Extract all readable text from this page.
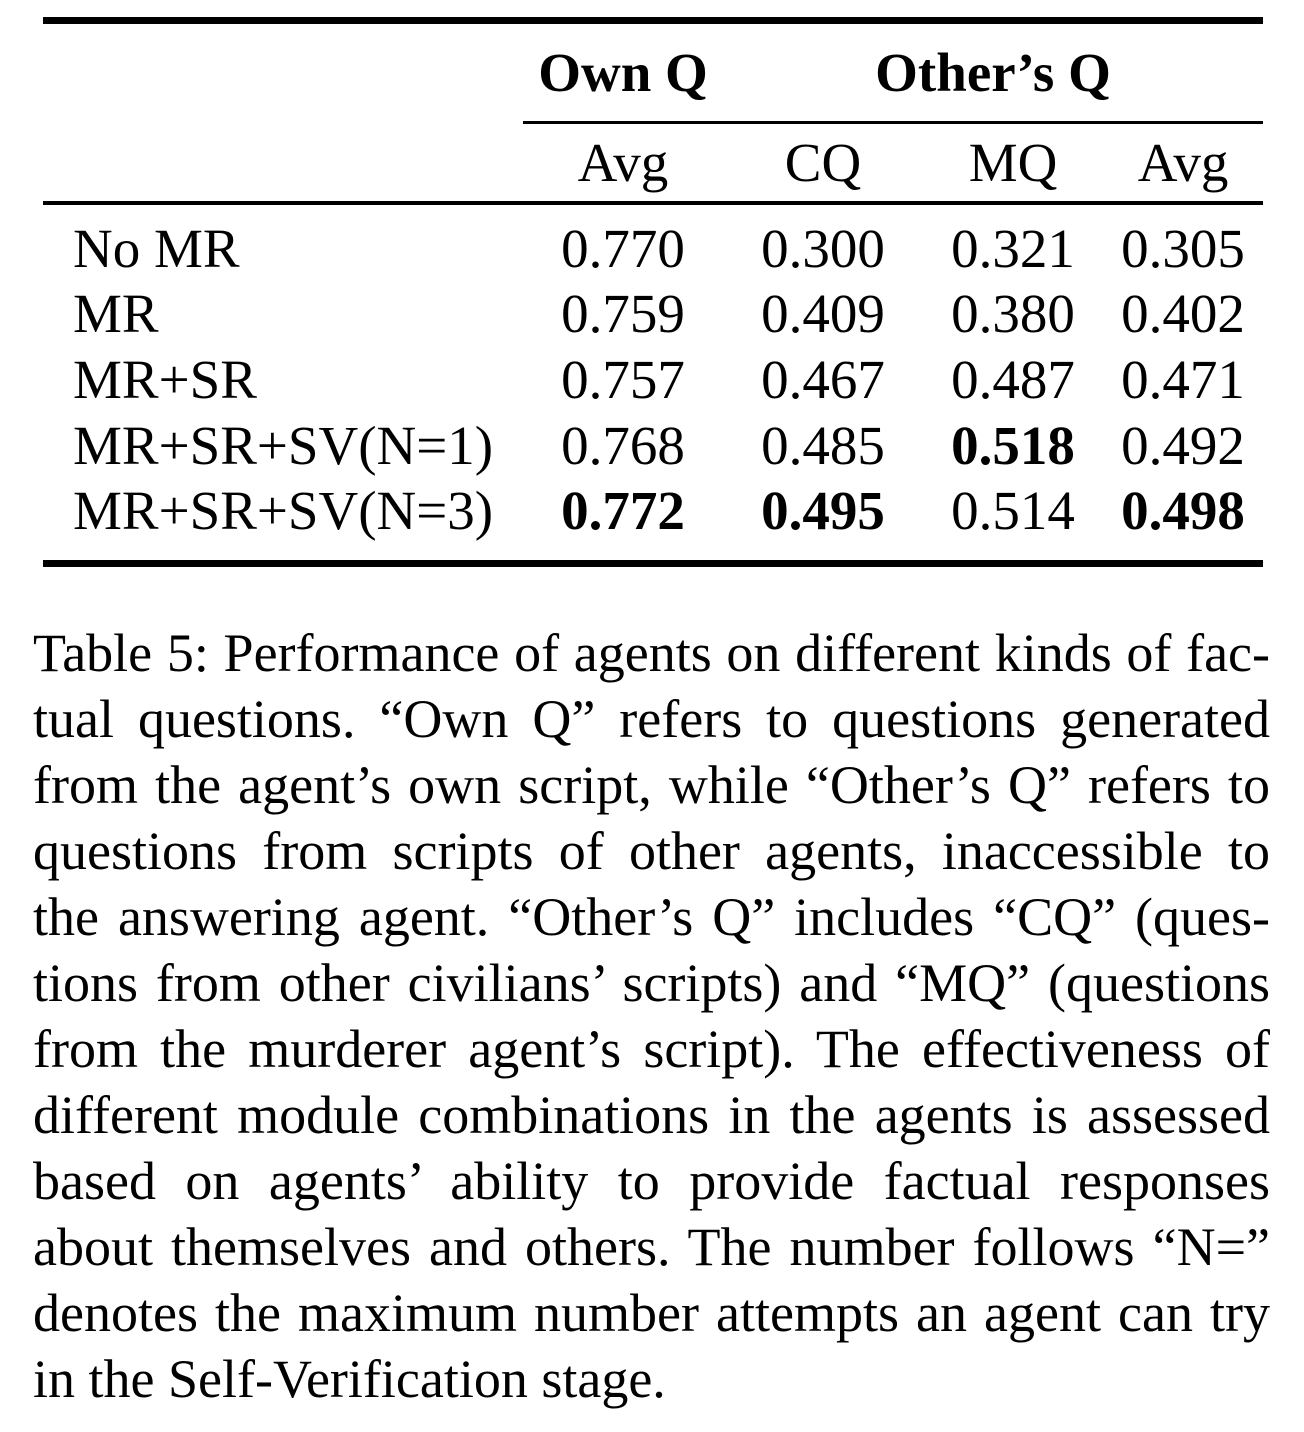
	Own Q	Other’s Q		
	Avg	CQ	MQ	Avg
No MR	0.770	0.300	0.321	0.305
MR	0.759	0.409	0.380	0.402
MR+SR	0.757	0.467	0.487	0.471
MR+SR+SV(N=1)	0.768	0.485	0.518	0.492
MR+SR+SV(N=3)	0.772	0.495	0.514	0.498
Table 5: Performance of agents on different kinds of fac-
tual questions. “Own Q” refers to questions generated
from the agent’s own script, while “Other’s Q” refers to
questions from scripts of other agents, inaccessible to
the answering agent. “Other’s Q” includes “CQ” (ques-
tions from other civilians’ scripts) and “MQ” (questions
from the murderer agent’s script). The effectiveness of
different module combinations in the agents is assessed
based on agents’ ability to provide factual responses
about themselves and others. The number follows “N=”
denotes the maximum number attempts an agent can try
in the Self-Verification stage.
